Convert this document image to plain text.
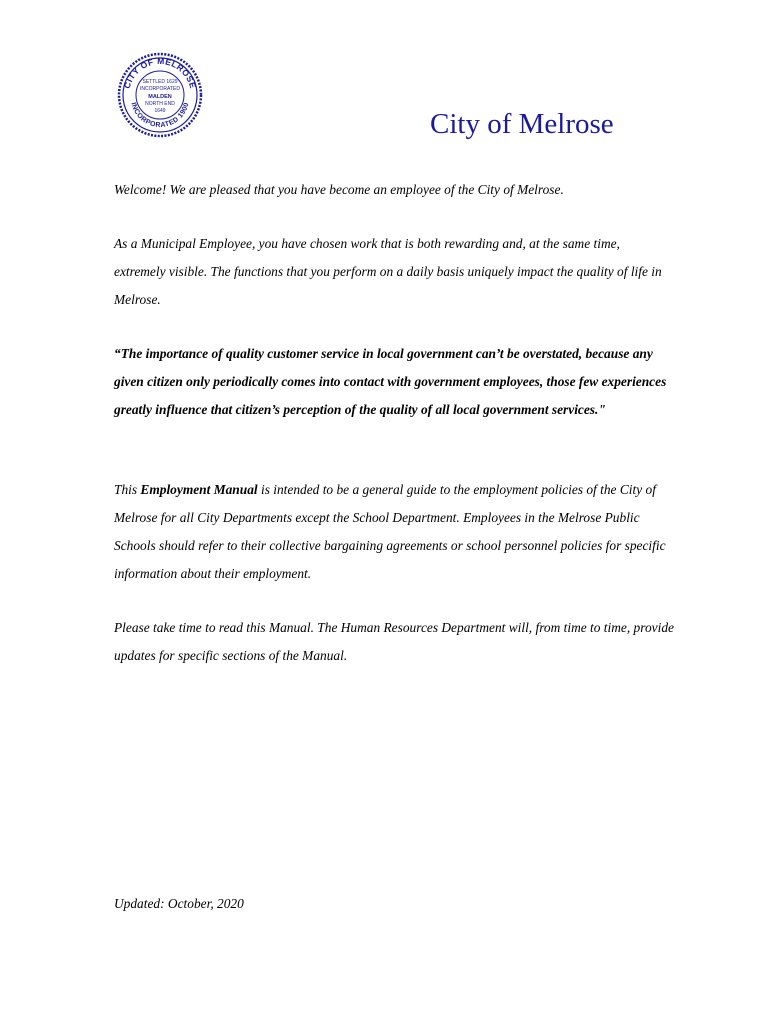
CITY OF MELROSE
INCORPORATED 1900
SETTLED 1629
INCORPORATED
MALDEN
NORTH END
1649	City of Melrose

Welcome! We are pleased that you have become an employee of the City of Melrose.

As a Municipal Employee, you have chosen work that is both rewarding and, at the same time, extremely visible. The functions that you perform on a daily basis uniquely impact the quality of life in Melrose.

“The importance of quality customer service in local government can’t be overstated, because any given citizen only periodically comes into contact with government employees, those few experiences greatly influence that citizen’s perception of the quality of all local government services."

This Employment Manual is intended to be a general guide to the employment policies of the City of Melrose for all City Departments except the School Department. Employees in the Melrose Public Schools should refer to their collective bargaining agreements or school personnel policies for specific information about their employment.

Please take time to read this Manual. The Human Resources Department will, from time to time, provide updates for specific sections of the Manual.

Updated: October, 2020
